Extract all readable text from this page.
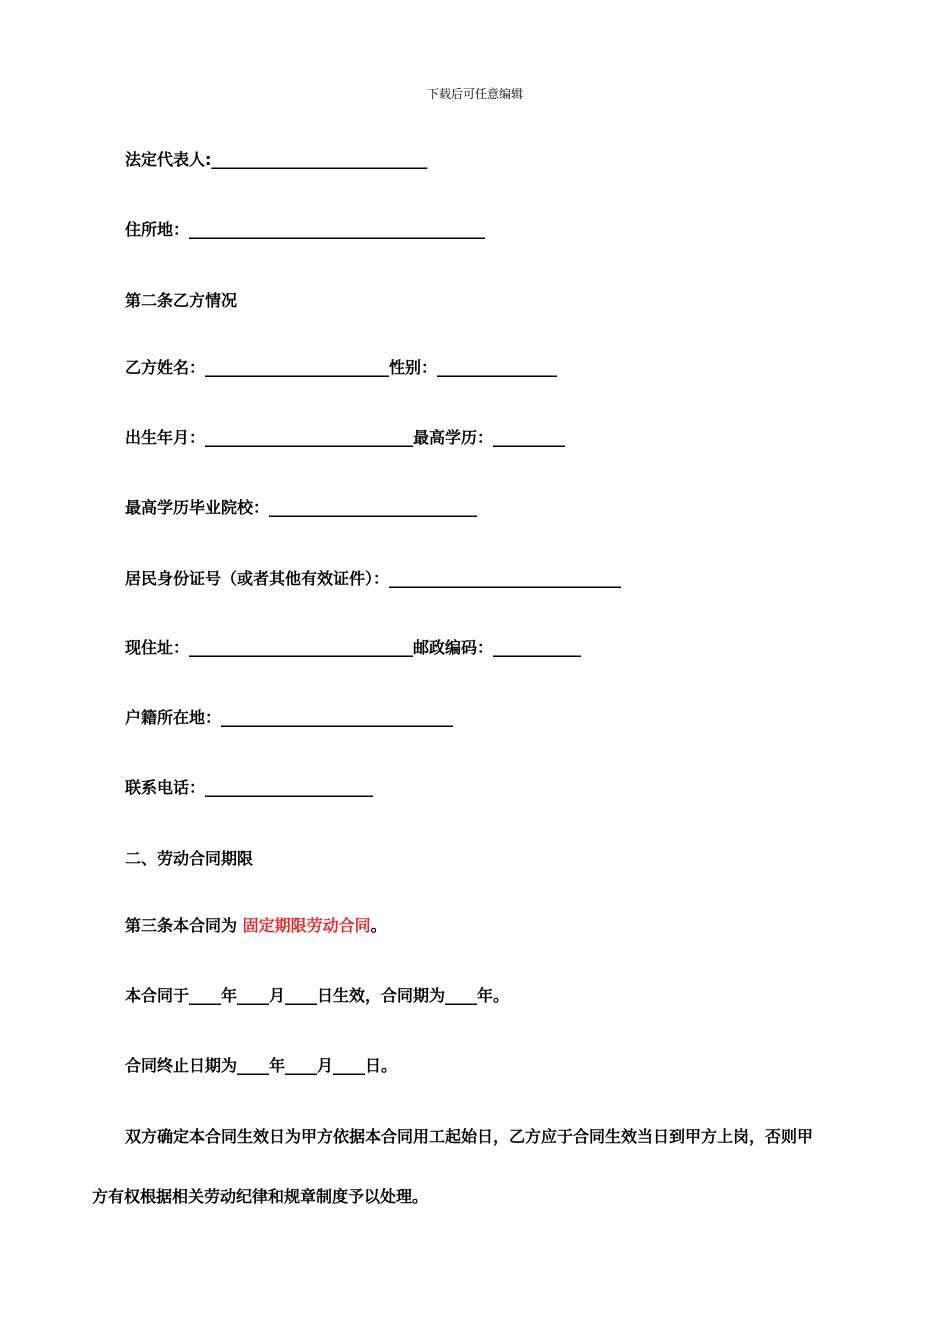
下载后可任意编辑
法定代表人:___________________________
住所地：_____________________________________
第二条乙方情况
乙方姓名：_______________________性别：_______________
出生年月：__________________________最高学历：_________
最高学历毕业院校：__________________________
居民身份证号（或者其他有效证件）：_____________________________
现住址：____________________________邮政编码：___________
户籍所在地：_____________________________
联系电话：_____________________
二、劳动合同期限
第三条本合同为 固定期限劳动合同。
本合同于____年____月____日生效，合同期为____年。
合同终止日期为____年____月____日。
双方确定本合同生效日为甲方依据本合同用工起始日，乙方应于合同生效当日到甲方上岗，否则甲
方有权根据相关劳动纪律和规章制度予以处理。
